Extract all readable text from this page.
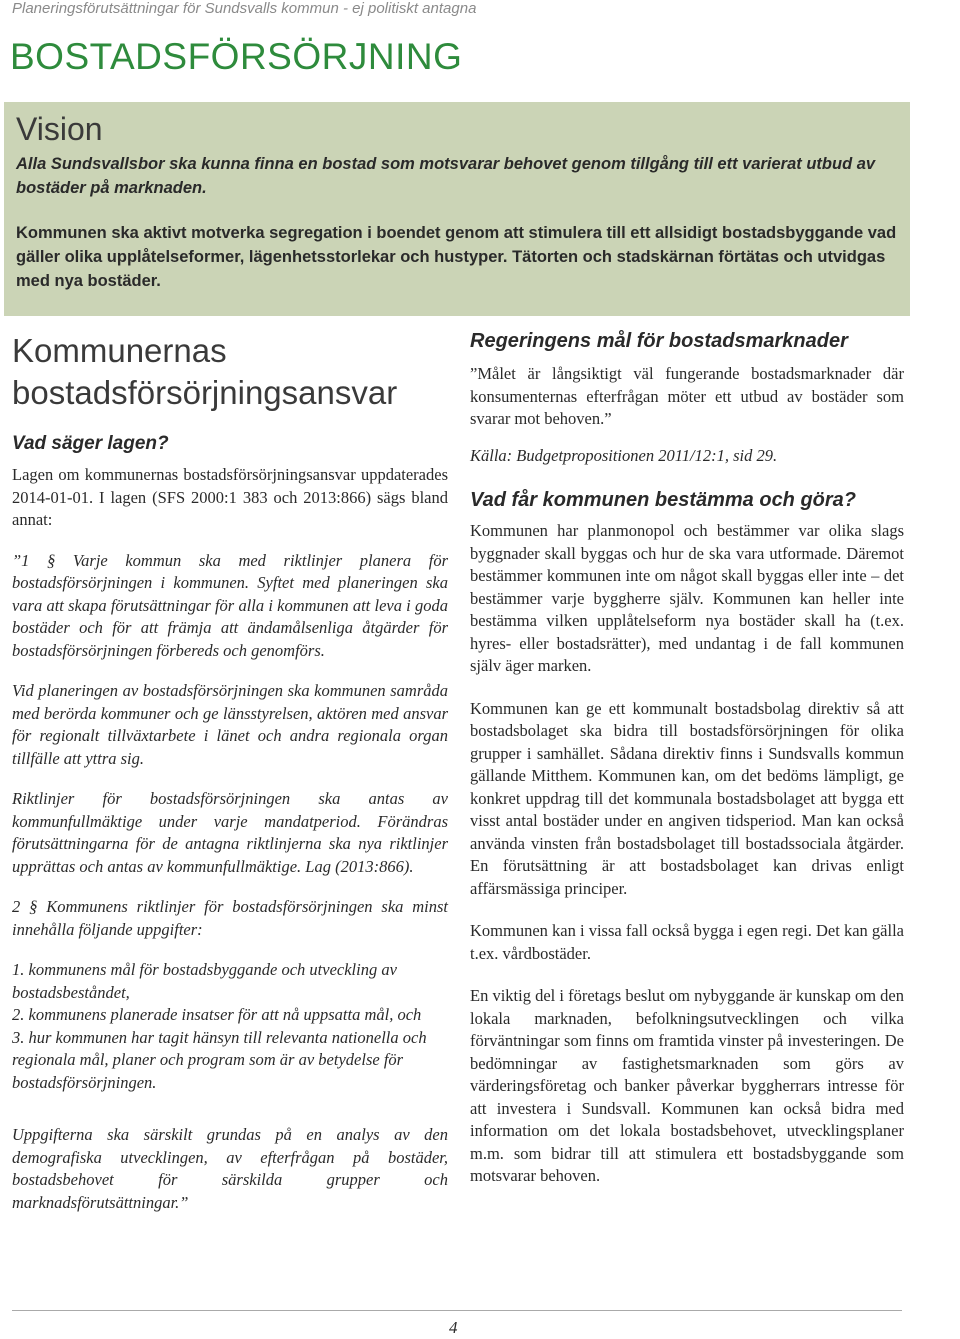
Planeringsförutsättningar för Sundsvalls kommun - ej politiskt antagna
BOSTADSFÖRSÖRJNING
Vision

Alla Sundsvallsbor ska kunna finna en bostad som motsvarar behovet genom tillgång till ett varierat utbud av bostäder på marknaden.

Kommunen ska aktivt motverka segregation i boendet genom att stimulera till ett allsidigt bostadsbyggande vad gäller olika upplåtelseformer, lägenhetsstorlekar och hustyper. Tätorten och stadskärnan förtätas och utvidgas med nya bostäder.

Kommunernas
bostadsförsörjningsansvar
Vad säger lagen?

Lagen om kommunernas bostadsförsörjningsansvar uppdaterades 2014-01-01. I lagen (SFS 2000:1 383 och 2013:866) sägs bland annat:

”1 § Varje kommun ska med riktlinjer planera för bostadsförsörjningen i kommunen. Syftet med planeringen ska vara att skapa förutsättningar för alla i kommunen att leva i goda bostäder och för att främja att ändamålsenliga åtgärder för bostadsförsörjningen förbereds och genomförs.

Vid planeringen av bostadsförsörjningen ska kommunen samråda med berörda kommuner och ge länsstyrelsen, aktören med ansvar för regionalt tillväxtarbete i länet och andra regionala organ tillfälle att yttra sig.

Riktlinjer för bostadsförsörjningen ska antas av kommunfullmäktige under varje mandatperiod. Förändras förutsättningarna för de antagna riktlinjerna ska nya riktlinjer upprättas och antas av kommunfullmäktige. Lag (2013:866).

2 § Kommunens riktlinjer för bostadsförsörjningen ska minst innehålla följande uppgifter:

1. kommunens mål för bostadsbyggande och utveckling av bostadsbeståndet,
2. kommunens planerade insatser för att nå uppsatta mål, och
3. hur kommunen har tagit hänsyn till relevanta nationella och regionala mål, planer och program som är av betydelse för bostadsförsörjningen.

Uppgifterna ska särskilt grundas på en analys av den demografiska utvecklingen, av efterfrågan på bostäder, bostadsbehovet för särskilda grupper och marknadsförutsättningar.”

Regeringens mål för bostadsmarknader

”Målet är långsiktigt väl fungerande bostadsmarknader där konsumenternas efterfrågan möter ett utbud av bostäder som svarar mot behoven.”

Källa: Budgetpropositionen 2011/12:1, sid 29.

Vad får kommunen bestämma och göra?

Kommunen har planmonopol och bestämmer var olika slags byggnader skall byggas och hur de ska vara utformade. Däremot bestämmer kommunen inte om något skall byggas eller inte – det bestämmer varje byggherre själv. Kommunen kan heller inte bestämma vilken upplåtelseform nya bostäder skall ha (t.ex. hyres- eller bostadsrätter), med undantag i de fall kommunen själv äger marken.

Kommunen kan ge ett kommunalt bostadsbolag direktiv så att bostadsbolaget ska bidra till bostadsförsörjningen för olika grupper i samhället. Sådana direktiv finns i Sundsvalls kommun gällande Mitthem. Kommunen kan, om det bedöms lämpligt, ge konkret uppdrag till det kommunala bostadsbolaget att bygga ett visst antal bostäder under en angiven tidsperiod. Man kan också använda vinsten från bostadsbolaget till bostadssociala åtgärder. En förutsättning är att bostadsbolaget kan drivas enligt affärsmässiga principer.

Kommunen kan i vissa fall också bygga i egen regi. Det kan gälla t.ex. vårdbostäder.

En viktig del i företags beslut om nybyggande är kunskap om den lokala marknaden, befolkningsutvecklingen och vilka förväntningar som finns om framtida vinster på investeringen. De bedömningar av fastighetsmarknaden som görs av värderingsföretag och banker påverkar byggherrars intresse för att investera i Sundsvall. Kommunen kan också bidra med information om det lokala bostadsbehovet, utvecklingsplaner m.m. som bidrar till att stimulera ett bostadsbyggande som motsvarar behoven.

4
